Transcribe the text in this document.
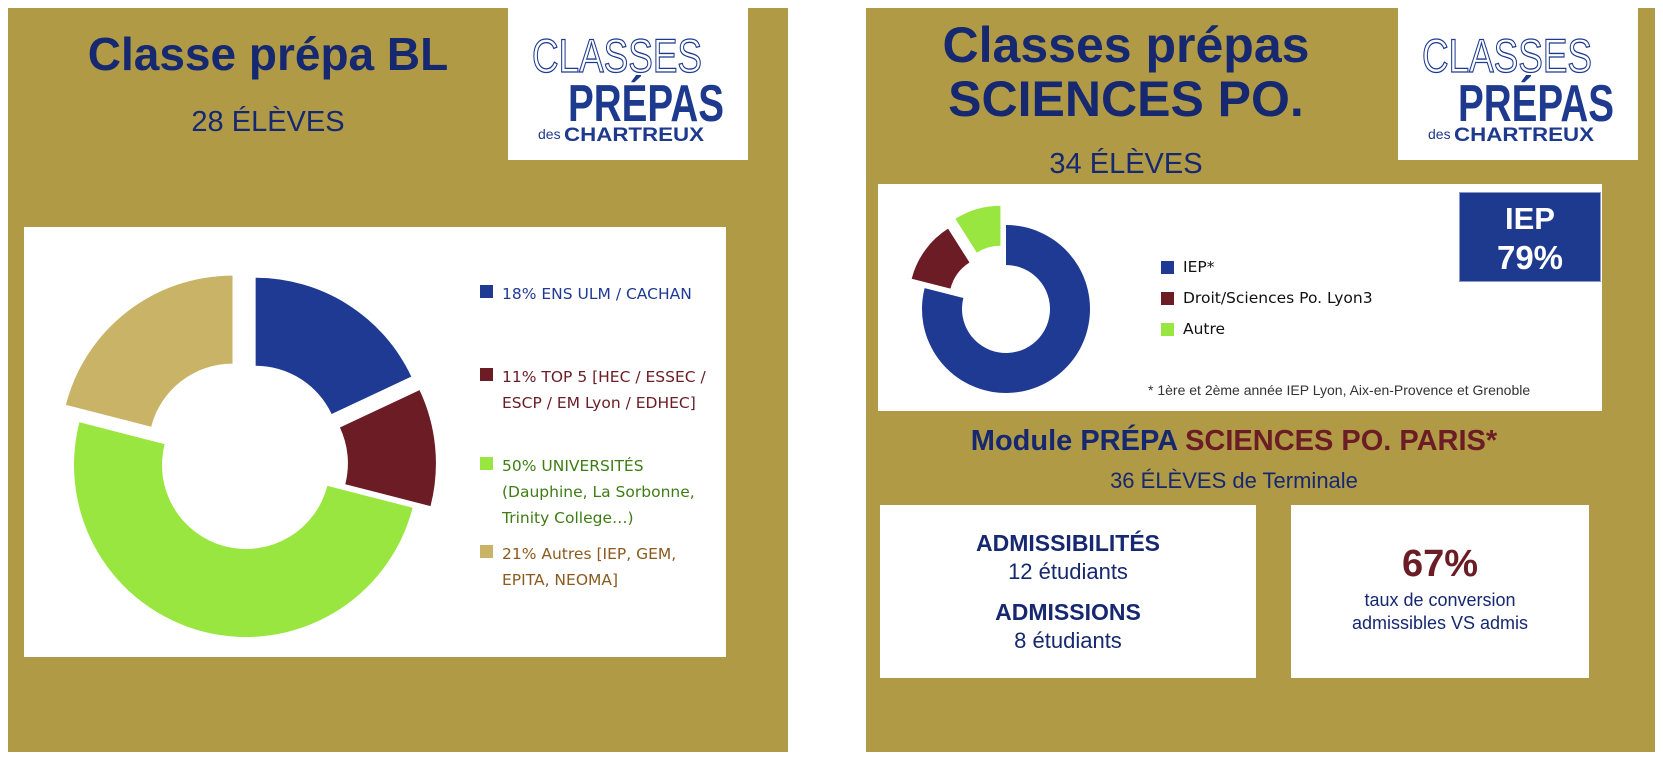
Classe prépa BL
28 ÉLÈVES
CLASSES
PRÉPAS
des CHARTREUX
18% ENS ULM / CACHAN
11% TOP 5 [HEC / ESSEC /
ESCP / EM Lyon / EDHEC]
50% UNIVERSITÉS
(Dauphine, La Sorbonne,
Trinity College…)
21% Autres [IEP, GEM,
EPITA, NEOMA]
Classes prépas
SCIENCES PO.
34 ÉLÈVES
CLASSES
PRÉPAS
des CHARTREUX
IEP*
Droit/Sciences Po. Lyon3
Autre
IEP
79%
* 1ère et 2ème année IEP Lyon, Aix-en-Provence et Grenoble
Module PRÉPA SCIENCES PO. PARIS*
36 ÉLÈVES de Terminale
ADMISSIBILITÉS
12 étudiants
ADMISSIONS
8 étudiants
67%
taux de conversion
admissibles VS admis
